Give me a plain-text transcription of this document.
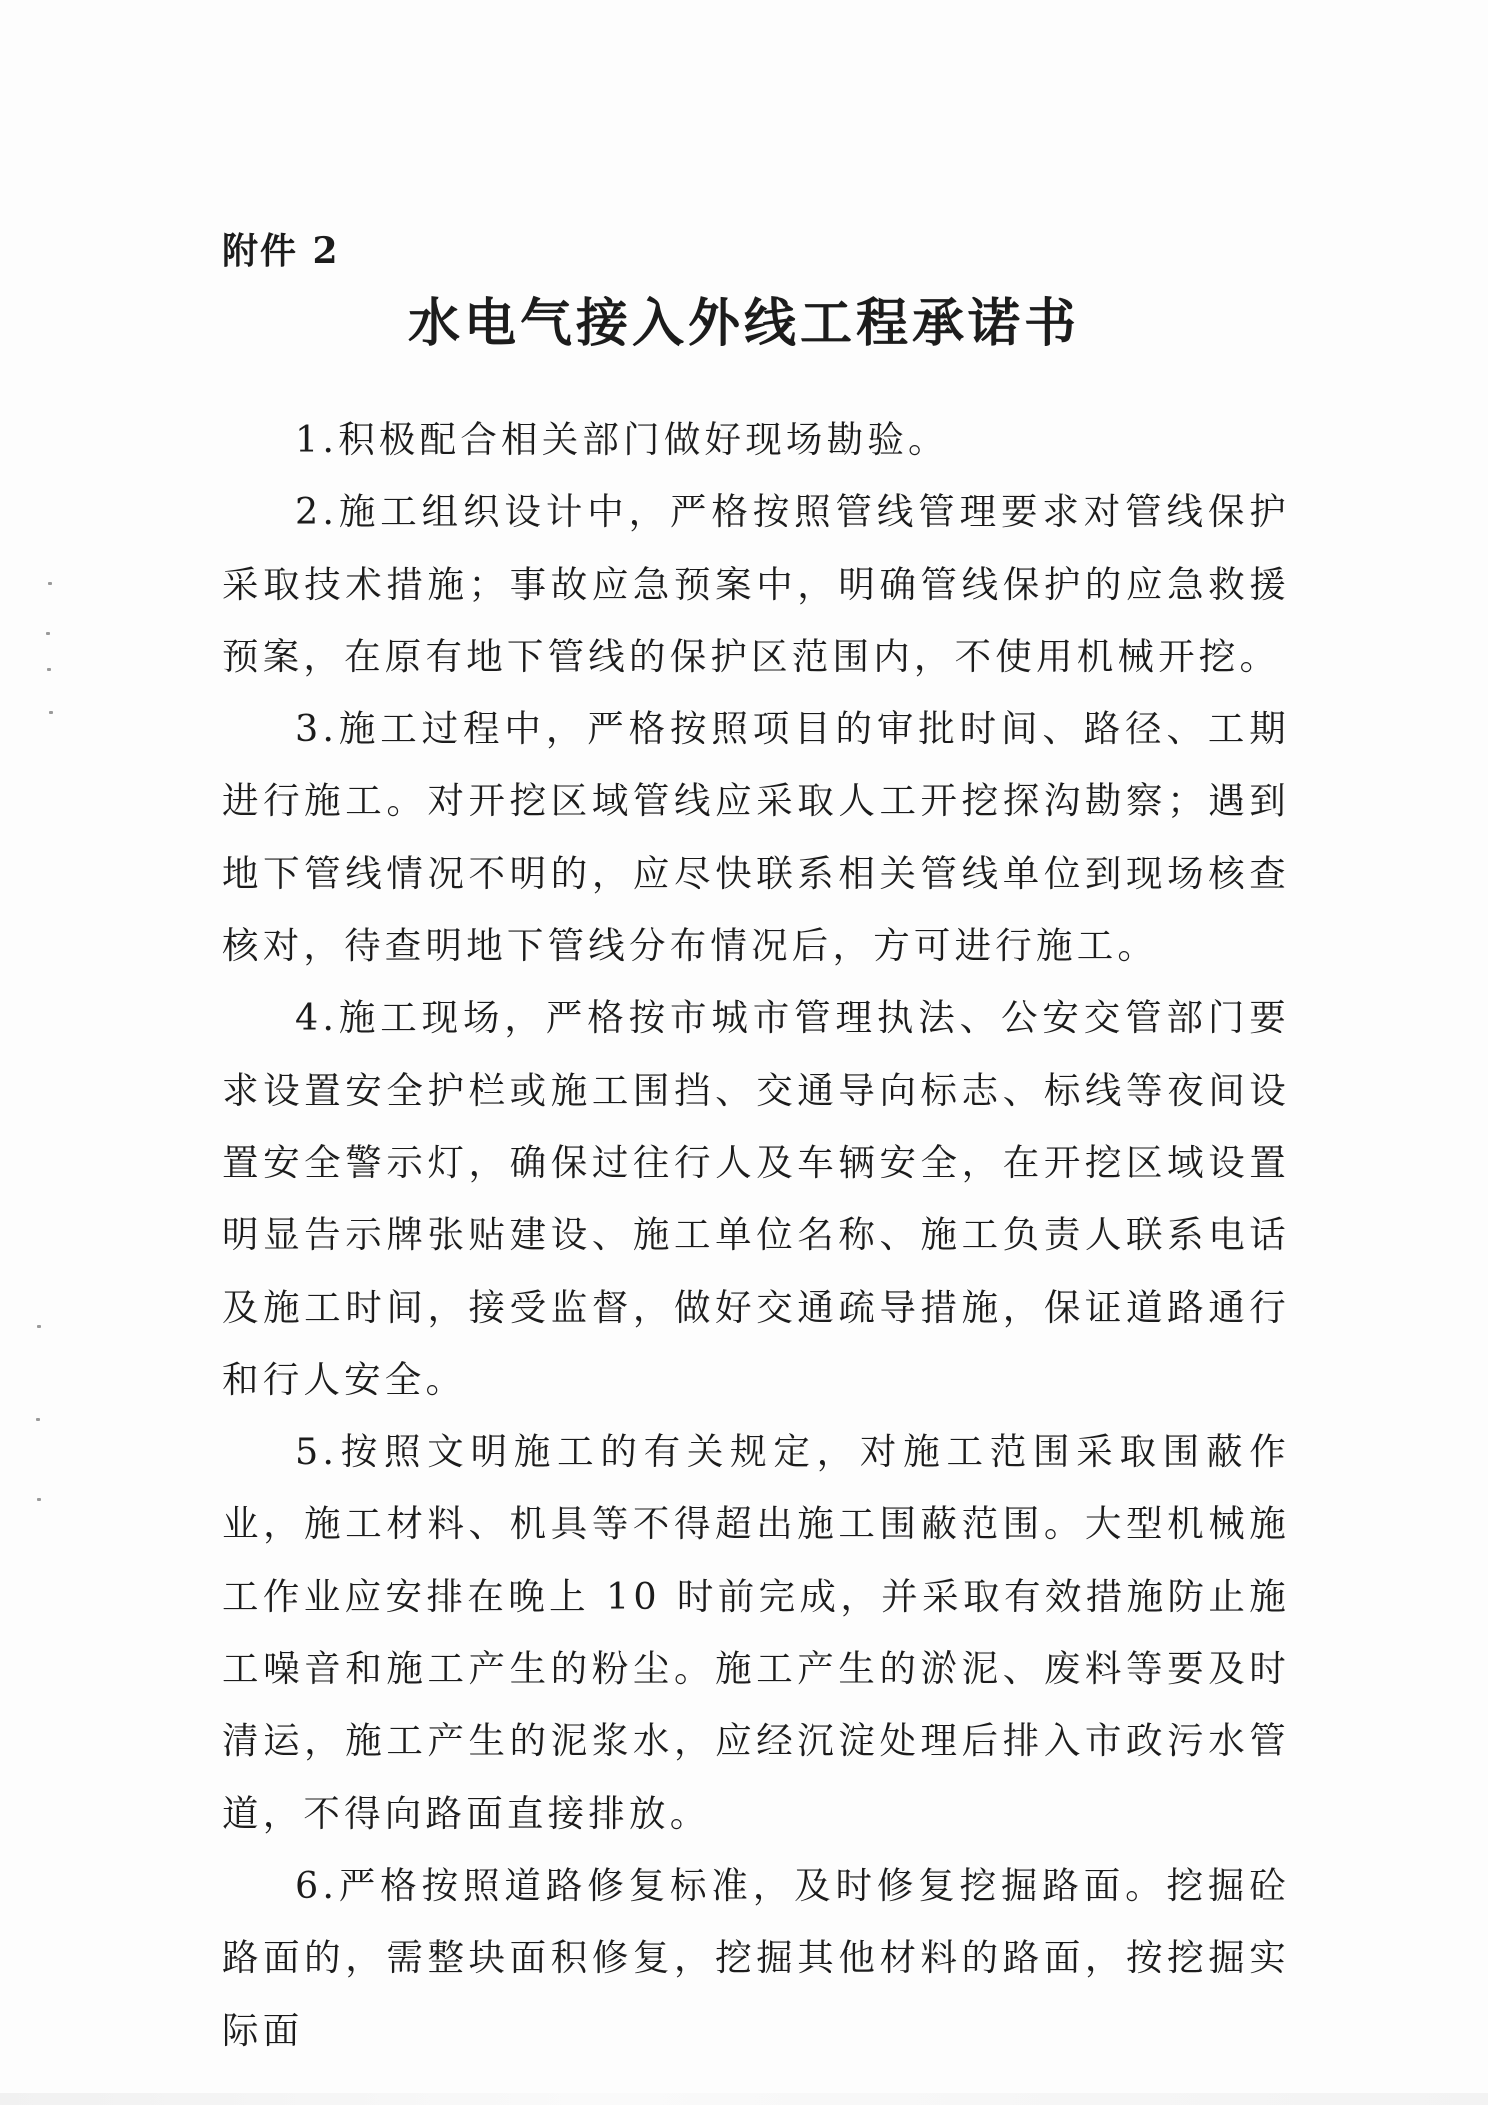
附件 2
水电气接入外线工程承诺书

1.积极配合相关部门做好现场勘验。

2.施工组织设计中，严格按照管线管理要求对管线保护采取技术措施；事故应急预案中，明确管线保护的应急救援预案，在原有地下管线的保护区范围内，不使用机械开挖。

3.施工过程中，严格按照项目的审批时间、路径、工期进行施工。对开挖区域管线应采取人工开挖探沟勘察；遇到地下管线情况不明的，应尽快联系相关管线单位到现场核查核对，待查明地下管线分布情况后，方可进行施工。

4.施工现场，严格按市城市管理执法、公安交管部门要求设置安全护栏或施工围挡、交通导向标志、标线等夜间设置安全警示灯，确保过往行人及车辆安全，在开挖区域设置明显告示牌张贴建设、施工单位名称、施工负责人联系电话及施工时间，接受监督，做好交通疏导措施，保证道路通行和行人安全。

5.按照文明施工的有关规定，对施工范围采取围蔽作业，施工材料、机具等不得超出施工围蔽范围。大型机械施工作业应安排在晚上 10 时前完成，并采取有效措施防止施工噪音和施工产生的粉尘。施工产生的淤泥、废料等要及时清运，施工产生的泥浆水，应经沉淀处理后排入市政污水管道，不得向路面直接排放。

6.严格按照道路修复标准，及时修复挖掘路面。挖掘砼路面的，需整块面积修复，挖掘其他材料的路面，按挖掘实际面
